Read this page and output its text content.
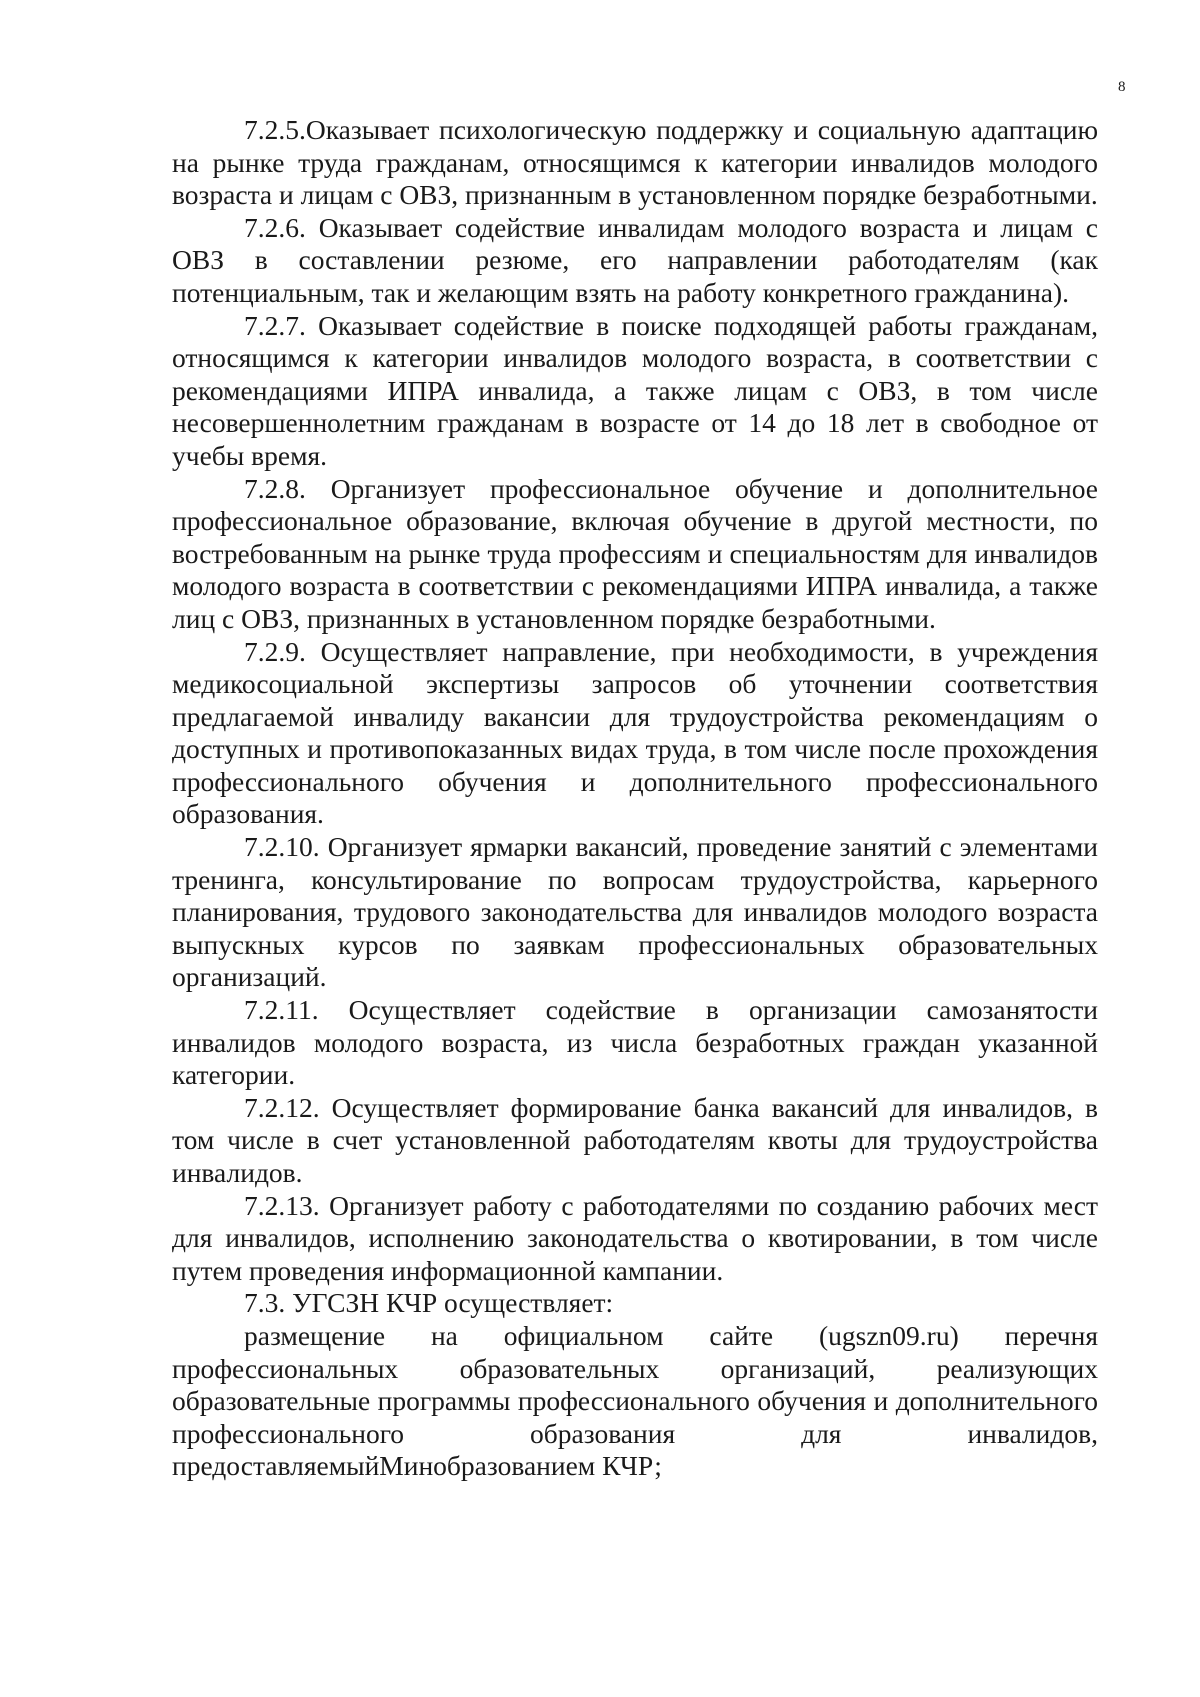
8

7.2.5.Оказывает психологическую поддержку и социальную адаптацию на рынке труда гражданам, относящимся к категории инвалидов молодого возраста и лицам с ОВЗ, признанным в установленном порядке безработными.

7.2.6. Оказывает содействие инвалидам молодого возраста и лицам с ОВЗ в составлении резюме, его направлении работодателям (как потенциальным, так и желающим взять на работу конкретного гражданина).

7.2.7. Оказывает содействие в поиске подходящей работы гражданам, относящимся к категории инвалидов молодого возраста, в соответствии с рекомендациями ИПРА инвалида, а также лицам с ОВЗ, в том числе несовершеннолетним гражданам в возрасте от 14 до 18 лет в свободное от учебы время.

7.2.8. Организует профессиональное обучение и дополнительное профессиональное образование, включая обучение в другой местности, по востребованным на рынке труда профессиям и специальностям для инвалидов молодого возраста в соответствии с рекомендациями ИПРА инвалида, а также лиц с ОВЗ, признанных в установленном порядке безработными.

7.2.9. Осуществляет направление, при необходимости, в учреждения медикосоциальной экспертизы запросов об уточнении соответствия предлагаемой инвалиду вакансии для трудоустройства рекомендациям о доступных и противопоказанных видах труда, в том числе после прохождения профессионального обучения и дополнительного профессионального образования.

7.2.10. Организует ярмарки вакансий, проведение занятий с элементами тренинга, консультирование по вопросам трудоустройства, карьерного планирования, трудового законодательства для инвалидов молодого возраста выпускных курсов по заявкам профессиональных образовательных организаций.

7.2.11. Осуществляет содействие в организации самозанятости инвалидов молодого возраста, из числа безработных граждан указанной категории.

7.2.12. Осуществляет формирование банка вакансий для инвалидов, в том числе в счет установленной работодателям квоты для трудоустройства инвалидов.

7.2.13. Организует работу с работодателями по созданию рабочих мест для инвалидов, исполнению законодательства о квотировании, в том числе путем проведения информационной кампании.

7.3. УГСЗН КЧР осуществляет:

размещение на официальном сайте (ugszn09.ru) перечня профессиональных образовательных организаций, реализующих образовательные программы профессионального обучения и дополнительного профессионального образования для инвалидов, предоставляемыйМинобразованием КЧР;
